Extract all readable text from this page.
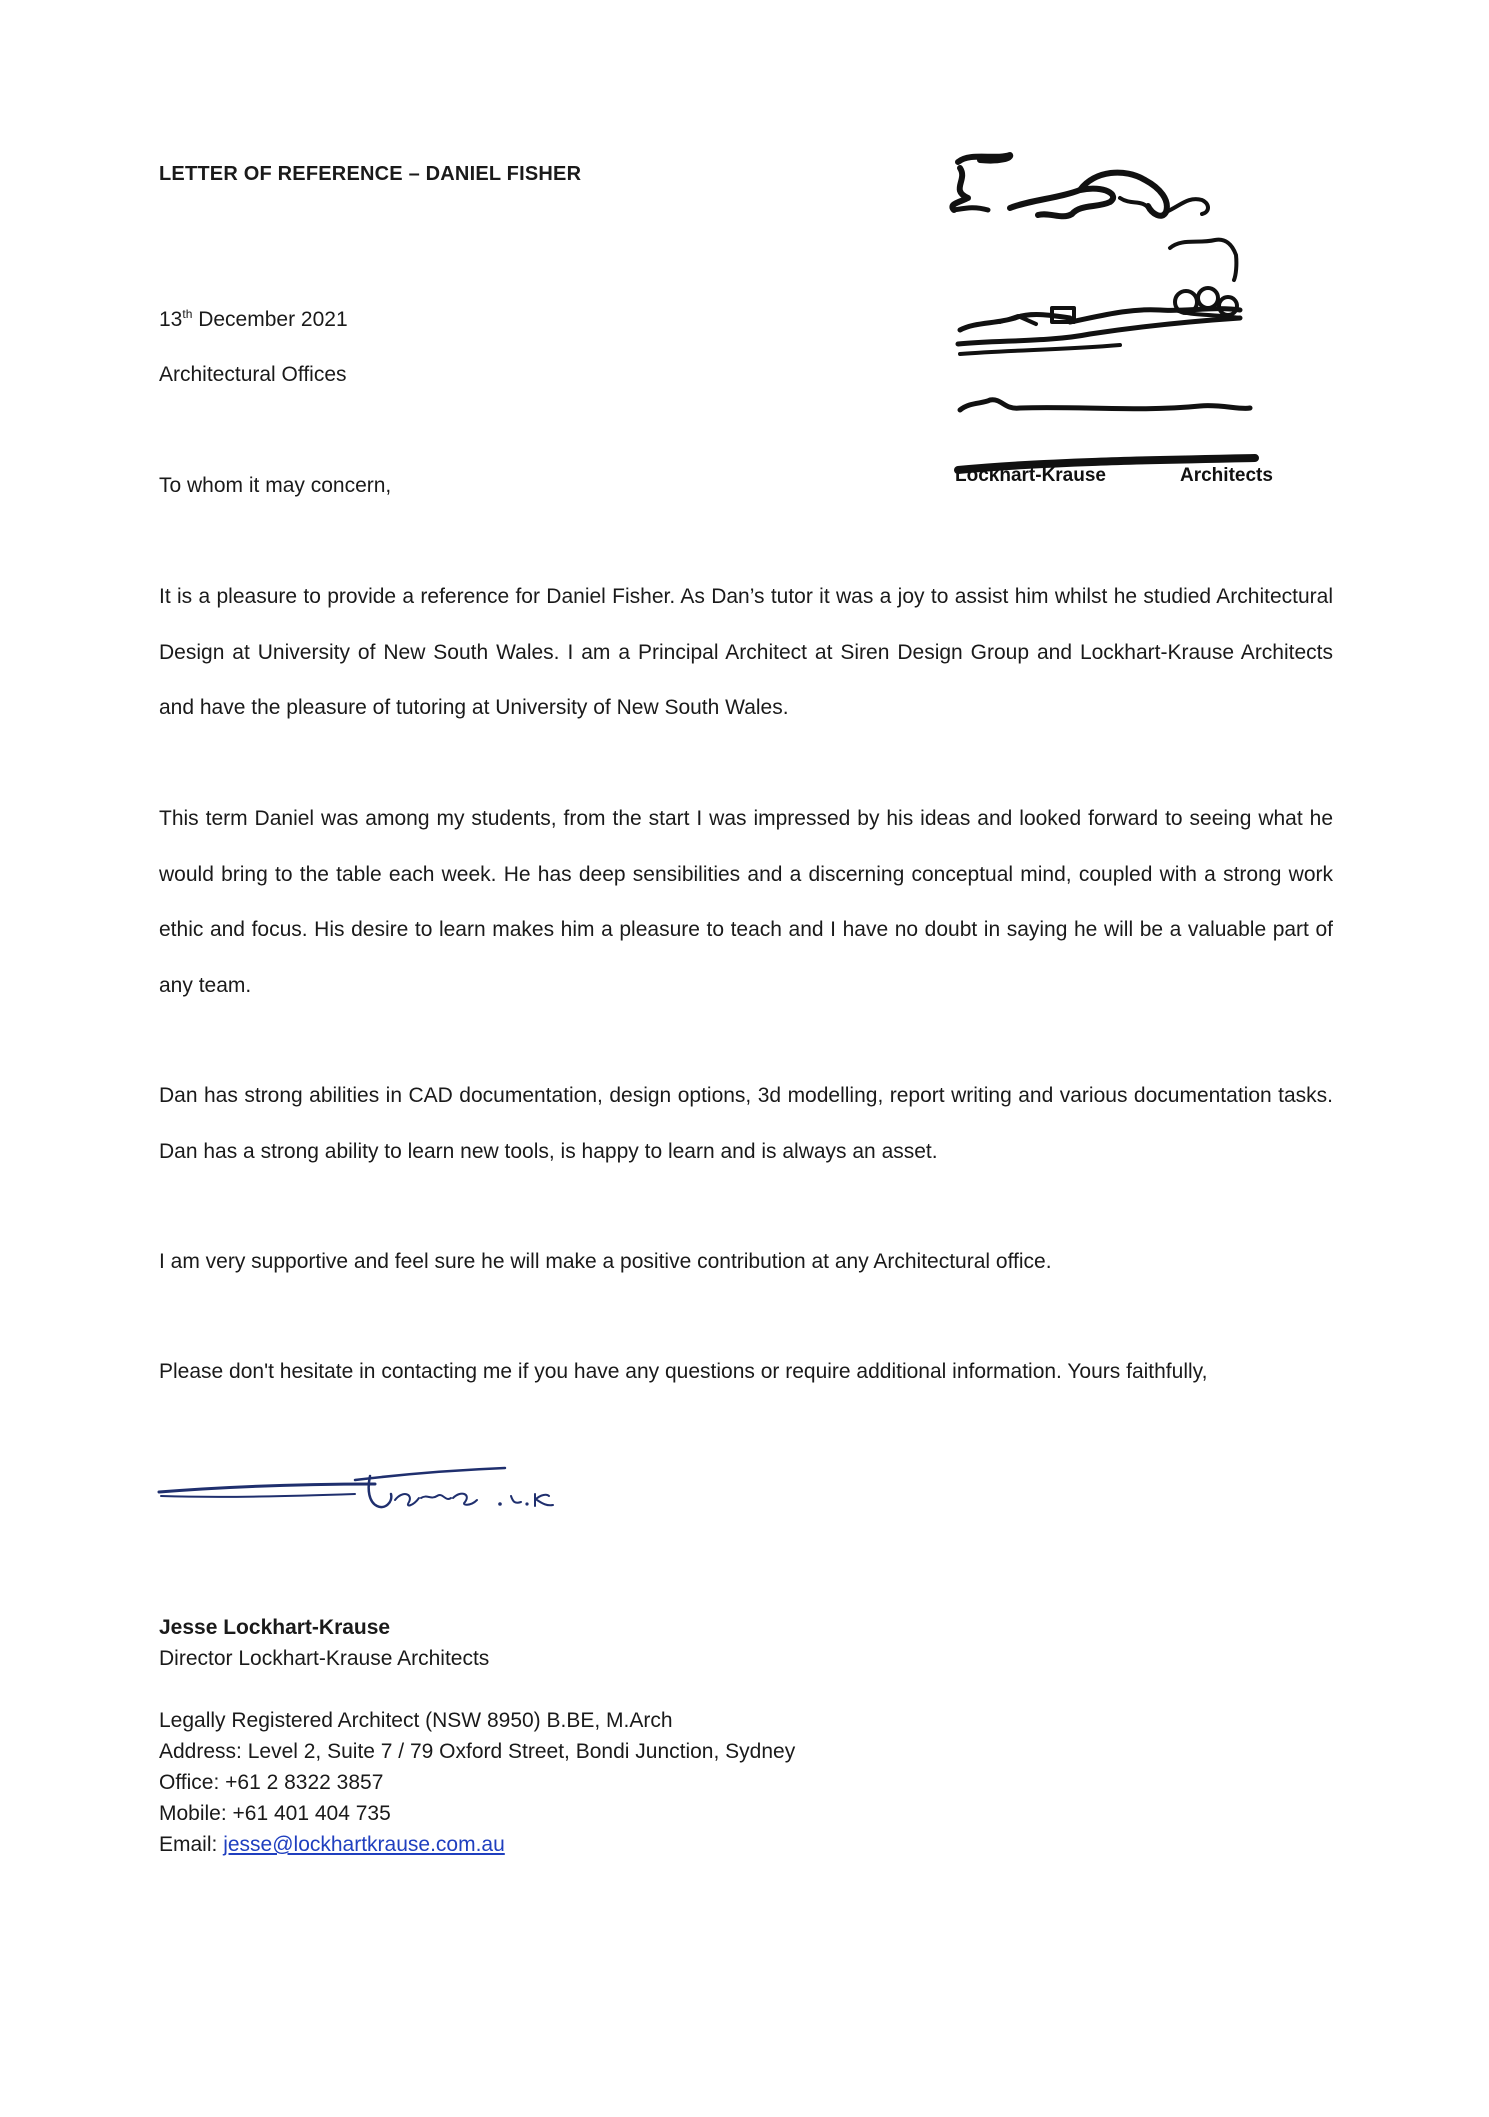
LETTER OF REFERENCE – DANIEL FISHER
Lockhart-Krause	Architects
13th December 2021
Architectural Offices
To whom it may concern,
It is a pleasure to provide a reference for Daniel Fisher. As Dan’s tutor it was a joy to assist him whilst he studied Architectural Design at University of New South Wales. I am a Principal Architect at Siren Design Group and Lockhart-Krause Architects and have the pleasure of tutoring at University of New South Wales.
This term Daniel was among my students, from the start I was impressed by his ideas and looked forward to seeing what he would bring to the table each week. He has deep sensibilities and a discerning conceptual mind, coupled with a strong work ethic and focus. His desire to learn makes him a pleasure to teach and I have no doubt in saying he will be a valuable part of any team.
Dan has strong abilities in CAD documentation, design options, 3d modelling, report writing and various documentation tasks. Dan has a strong ability to learn new tools, is happy to learn and is always an asset.
I am very supportive and feel sure he will make a positive contribution at any Architectural office.
Please don't hesitate in contacting me if you have any questions or require additional information. Yours faithfully,
Jesse Lockhart-Krause
Director Lockhart-Krause Architects
Legally Registered Architect (NSW 8950) B.BE, M.Arch
Address: Level 2, Suite 7 / 79 Oxford Street, Bondi Junction, Sydney
Office: +61 2 8322 3857
Mobile: +61 401 404 735
Email: jesse@lockhartkrause.com.au
